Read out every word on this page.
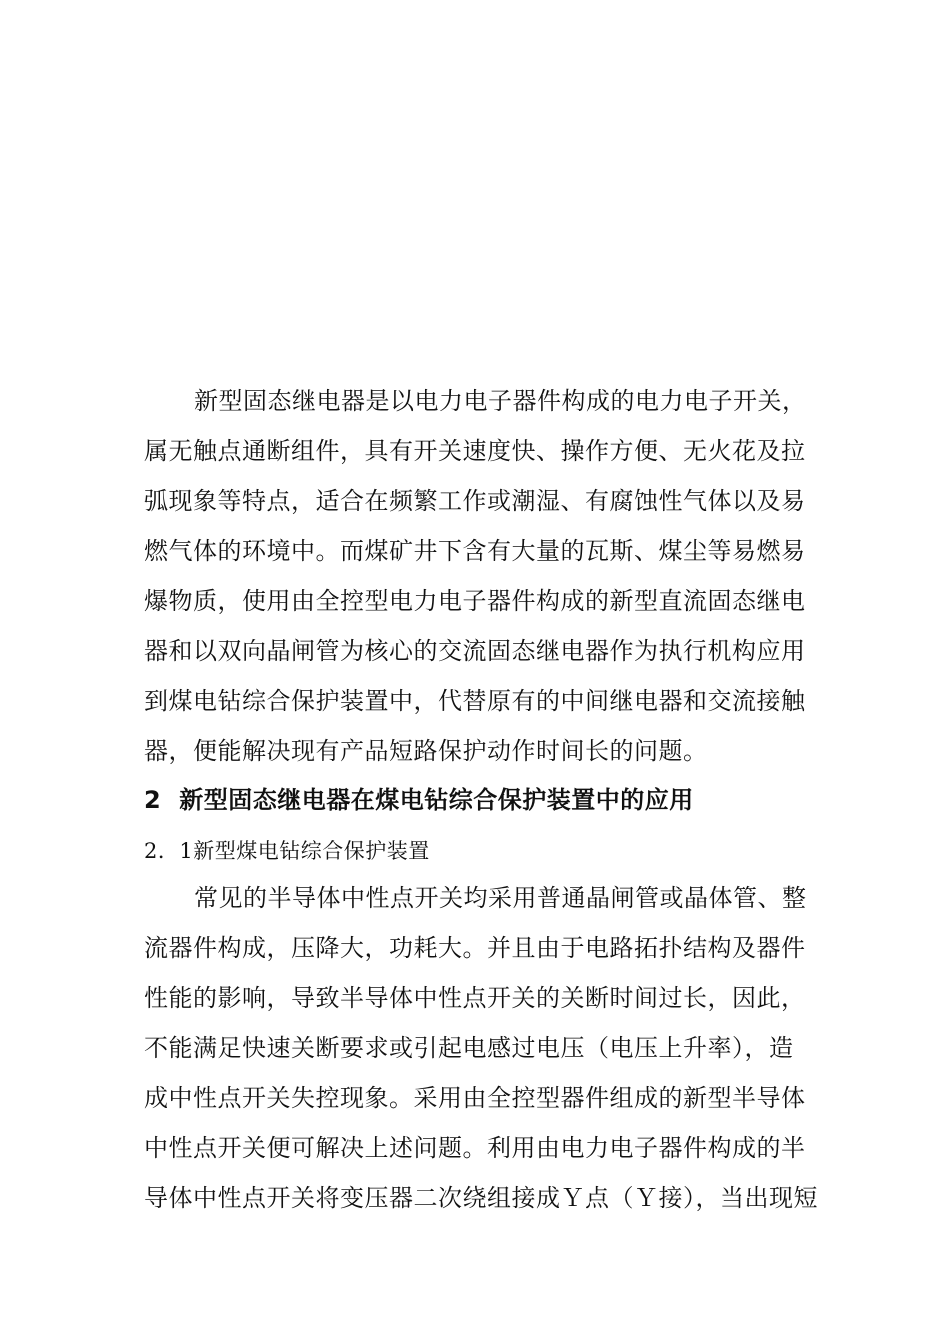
新型固态继电器是以电力电子器件构成的电力电子开关，
属无触点通断组件，具有开关速度快、操作方便、无火花及拉
弧现象等特点，适合在频繁工作或潮湿、有腐蚀性气体以及易
燃气体的环境中。而煤矿井下含有大量的瓦斯、煤尘等易燃易
爆物质，使用由全控型电力电子器件构成的新型直流固态继电
器和以双向晶闸管为核心的交流固态继电器作为执行机构应用
到煤电钻综合保护装置中，代替原有的中间继电器和交流接触
器，便能解决现有产品短路保护动作时间长的问题。
2 新型固态继电器在煤电钻综合保护装置中的应用
2．1新型煤电钻综合保护装置
常见的半导体中性点开关均采用普通晶闸管或晶体管、整
流器件构成，压降大，功耗大。并且由于电路拓扑结构及器件
性能的影响，导致半导体中性点开关的关断时间过长，因此，
不能满足快速关断要求或引起电感过电压（电压上升率），造
成中性点开关失控现象。采用由全控型器件组成的新型半导体
中性点开关便可解决上述问题。利用由电力电子器件构成的半
导体中性点开关将变压器二次绕组接成Ｙ点（Ｙ接），当出现短
